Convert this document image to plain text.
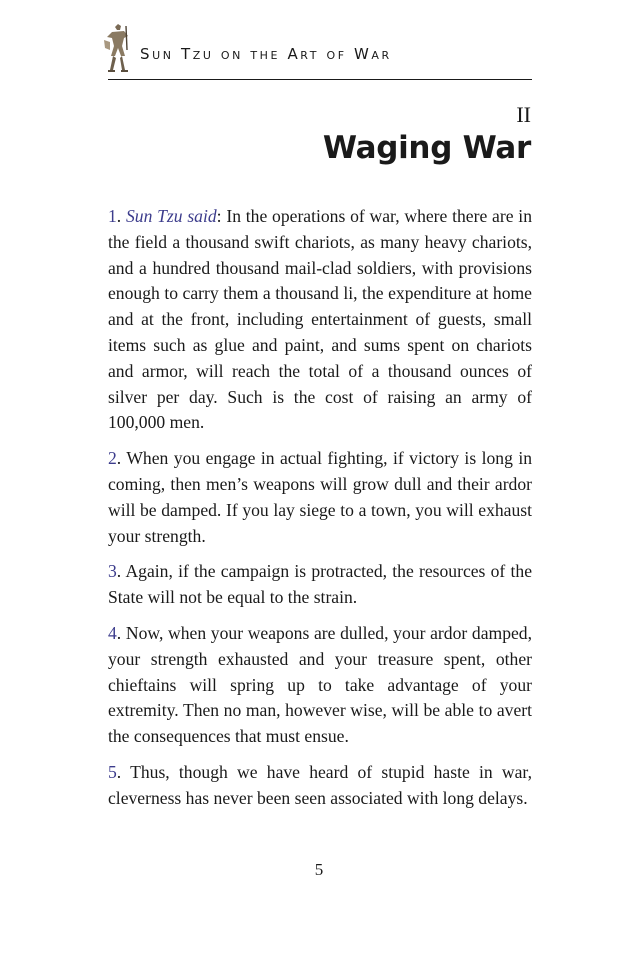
Sun Tzu on the Art of War
II
Waging War

1. Sun Tzu said: In the operations of war, where there are in the field a thousand swift chariots, as many heavy chariots, and a hundred thousand mail-clad soldiers, with provisions enough to carry them a thousand li, the expenditure at home and at the front, including entertainment of guests, small items such as glue and paint, and sums spent on chariots and armor, will reach the total of a thousand ounces of silver per day. Such is the cost of raising an army of 100,000 men.

2. When you engage in actual fighting, if victory is long in coming, then men’s weapons will grow dull and their ardor will be damped. If you lay siege to a town, you will exhaust your strength.

3. Again, if the campaign is protracted, the resources of the State will not be equal to the strain.

4. Now, when your weapons are dulled, your ardor damped, your strength exhausted and your treasure spent, other chieftains will spring up to take advantage of your extremity. Then no man, however wise, will be able to avert the consequences that must ensue.

5. Thus, though we have heard of stupid haste in war, cleverness has never been seen associated with long delays.

5
